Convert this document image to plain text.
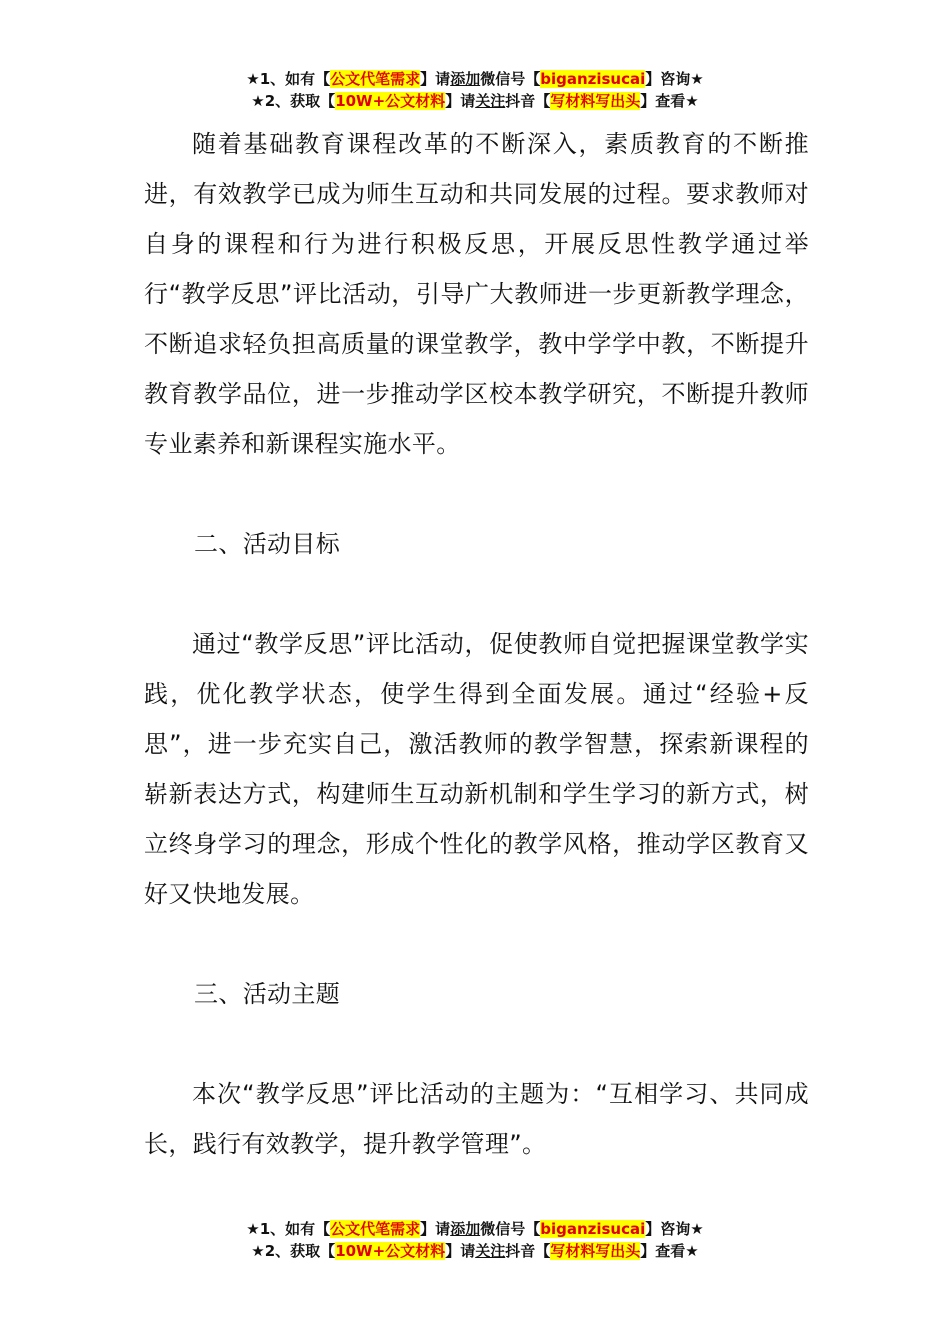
★1、如有【公文代笔需求】请添加微信号【biganzisucai】咨询★
★2、获取【10W+公文材料】请关注抖音【写材料写出头】查看★

随着基础教育课程改革的不断深入，素质教育的不断推进，有效教学已成为师生互动和共同发展的过程。要求教师对自身的课程和行为进行积极反思，开展反思性教学通过举行“教学反思”评比活动，引导广大教师进一步更新教学理念，不断追求轻负担高质量的课堂教学，教中学学中教，不断提升教育教学品位，进一步推动学区校本教学研究，不断提升教师专业素养和新课程实施水平。

二、活动目标

通过“教学反思”评比活动，促使教师自觉把握课堂教学实践，优化教学状态，使学生得到全面发展。通过“经验+反思”，进一步充实自己，激活教师的教学智慧，探索新课程的崭新表达方式，构建师生互动新机制和学生学习的新方式，树立终身学习的理念，形成个性化的教学风格，推动学区教育又好又快地发展。

三、活动主题

本次“教学反思”评比活动的主题为：“互相学习、共同成长，践行有效教学，提升教学管理”。

★1、如有【公文代笔需求】请添加微信号【biganzisucai】咨询★
★2、获取【10W+公文材料】请关注抖音【写材料写出头】查看★
